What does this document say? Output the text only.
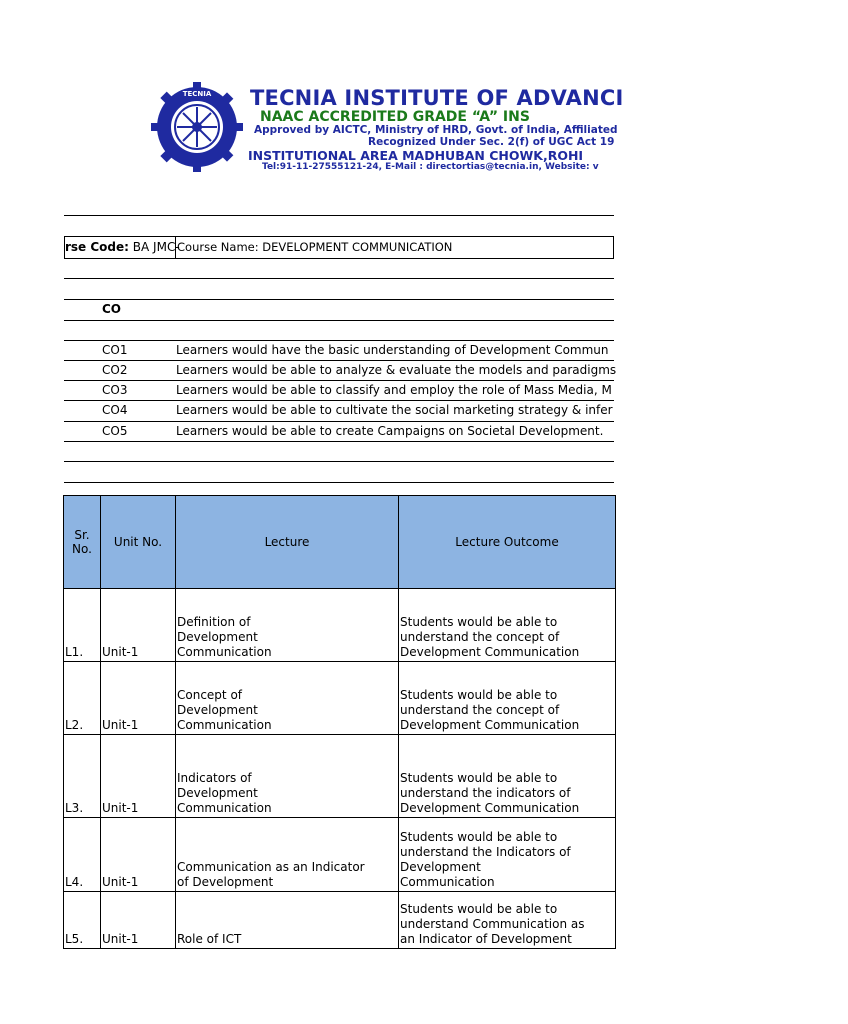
TECNIA TECNIA INSTITUTE OF ADVANCI
NAAC ACCREDITED GRADE “A” INS
Approved by AICTC, Ministry of HRD, Govt. of India, Affiliated
Recognized Under Sec. 2(f) of UGC Act 19
INSTITUTIONAL AREA MADHUBAN CHOWK,ROHI
Tel:91-11-27555121-24, E-Mail : directortias@tecnia.in, Website: v
rse Code: BA JMC-
Course Name: DEVELOPMENT COMMUNICATION
CO
CO1	Learners would have the basic understanding of Development Commun
CO2	Learners would be able to analyze & evaluate the models and paradigms
CO3	Learners would be able to classify and employ the role of Mass Media, M
CO4	Learners would be able to cultivate the social marketing strategy & infer
CO5	Learners would be able to create Campaigns on Societal Development.
Sr. No.	Unit No.	Lecture	Lecture Outcome
L1.	Unit-1	Definition of Development Communication	Students would be able to understand the concept of Development Communication

L2.	Unit-1	Concept of Development Communication	Students would be able to understand the concept of Development Communication

L3.	Unit-1	Indicators of Development Communication	Students would be able to understand the indicators of Development Communication

L4.	Unit-1	Communication as an Indicator of Development	Students would be able to understand the Indicators of Development Communication

L5.	Unit-1	Role of ICT	Students would be able to understand Communication as an Indicator of Development
